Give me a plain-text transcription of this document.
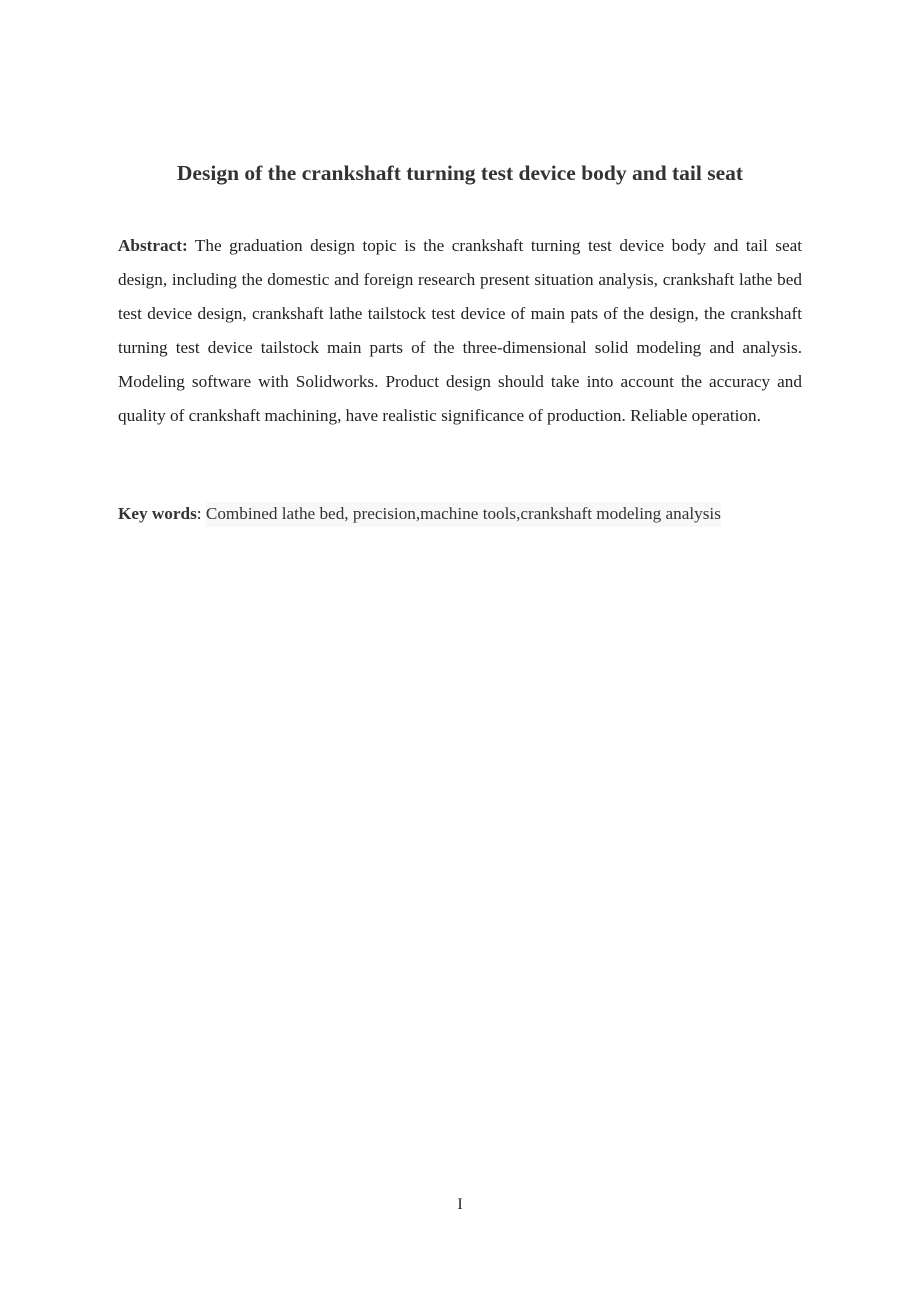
Design of the crankshaft turning test device body and tail seat

Abstract: The graduation design topic is the crankshaft turning test device body and tail seat design, including the domestic and foreign research present situation analysis, crankshaft lathe bed test device design, crankshaft lathe tailstock test device of main pats of the design, the crankshaft turning test device tailstock main parts of the three-dimensional solid modeling and analysis. Modeling software with Solidworks. Product design should take into account the accuracy and quality of crankshaft machining, have realistic significance of production. Reliable operation.

Key words: Combined lathe bed, precision,machine tools,crankshaft modeling analysis

I
